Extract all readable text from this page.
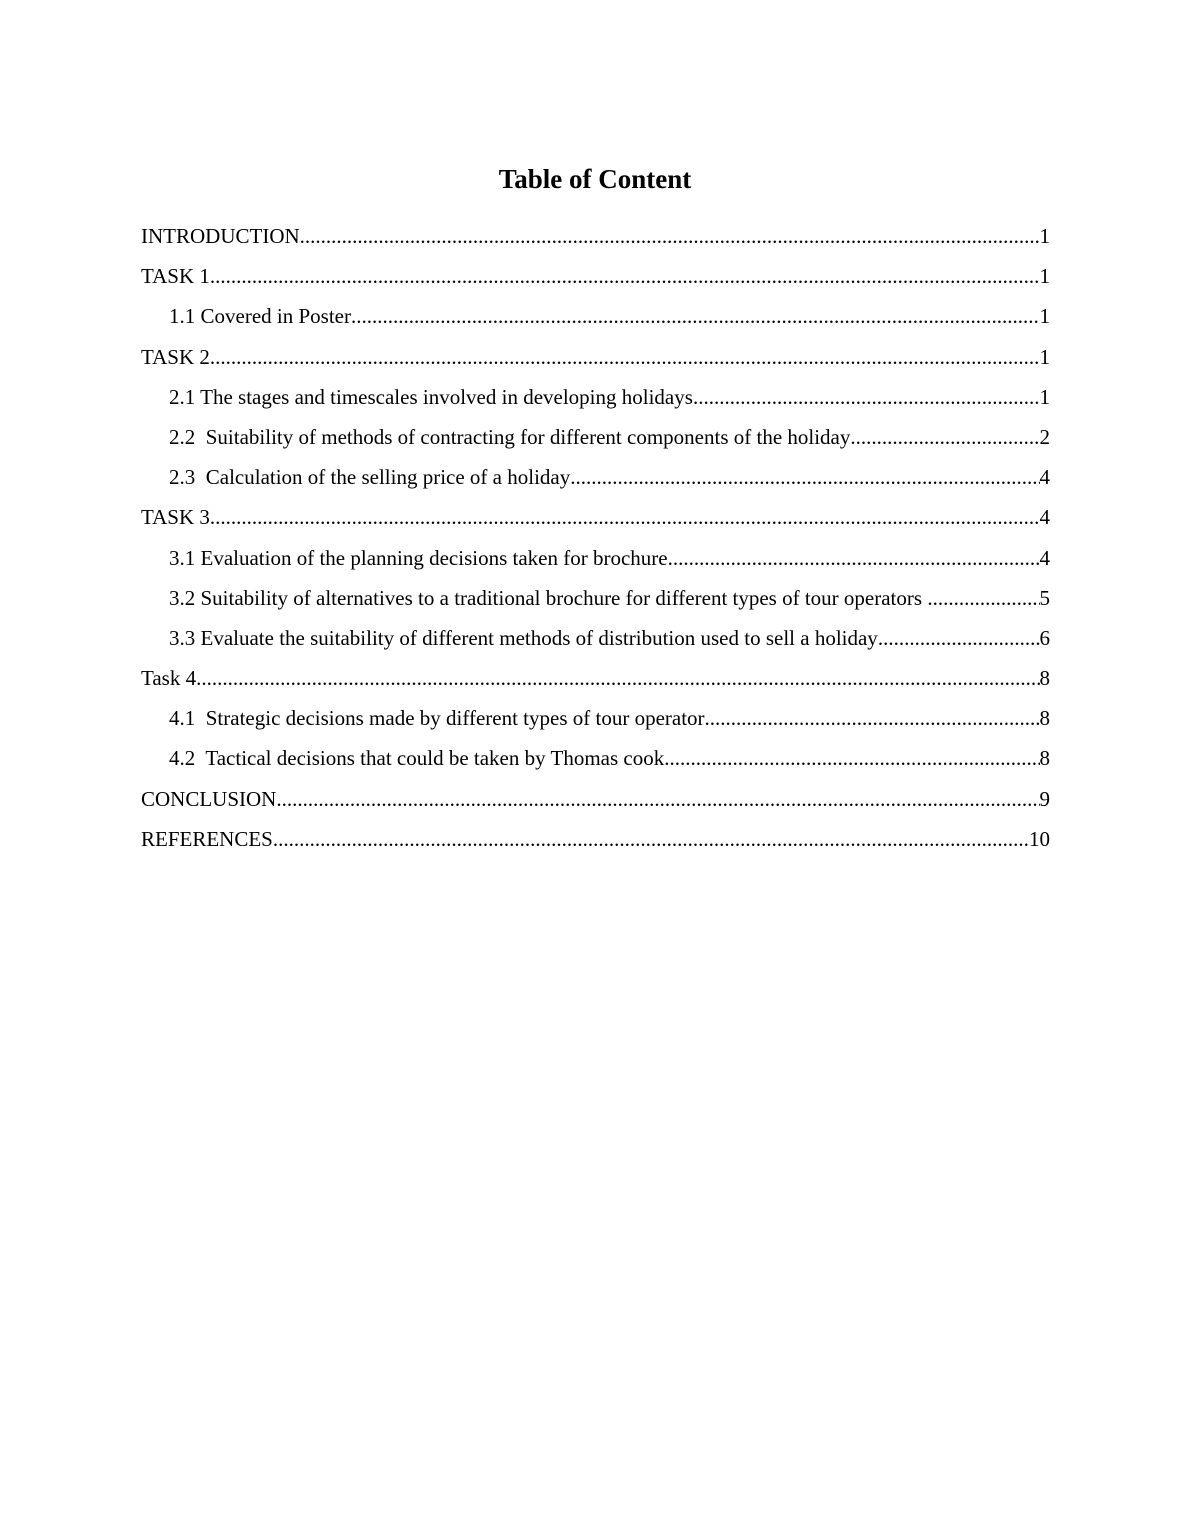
Table of Content
INTRODUCTION .....	1
TASK 1 .....	1
1.1 Covered in Poster .....	1
TASK 2 .....	1
2.1 The stages and timescales involved in developing holidays .....	1
2.2  Suitability of methods of contracting for different components of the holiday .....	2
2.3  Calculation of the selling price of a holiday .....	4
TASK 3 .....	4
3.1 Evaluation of the planning decisions taken for brochure .....	4
3.2 Suitability of alternatives to a traditional brochure for different types of tour operators .....	5
3.3 Evaluate the suitability of different methods of distribution used to sell a holiday .....	6
Task 4 .....	8
4.1  Strategic decisions made by different types of tour operator .....	8
4.2  Tactical decisions that could be taken by Thomas cook .....	8
CONCLUSION .....	9
REFERENCES .....	10
